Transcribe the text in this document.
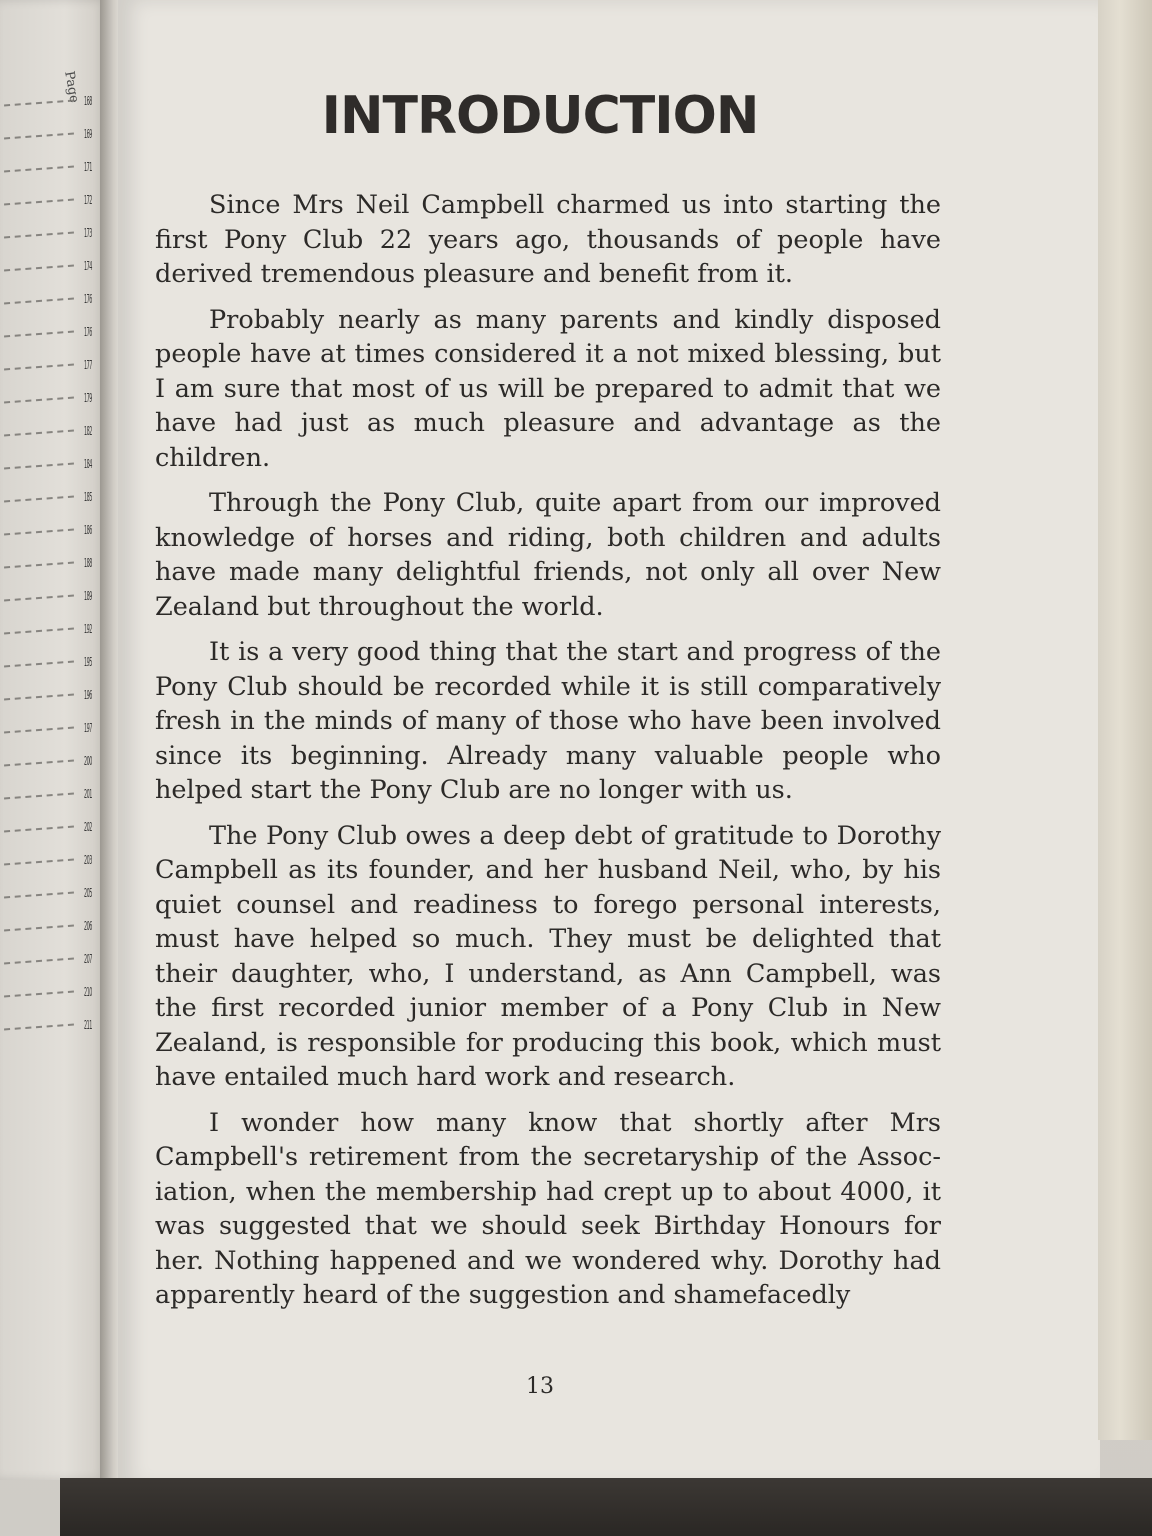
Page 168
169
171
172
173
174
176
176
177
179
182
184
185
186
188
189
192
195
196
197
200
201
202
203
205
206
207
210
211
INTRODUCTION

Since Mrs Neil Campbell charmed us into starting the first Pony Club 22 years ago, thousands of people have derived tremendous pleasure and benefit from it.

Probably nearly as many parents and kindly disposed people have at times considered it a not mixed blessing, but I am sure that most of us will be prepared to admit that we have had just as much pleasure and advantage as the children.

Through the Pony Club, quite apart from our improved knowledge of horses and riding, both children and adults have made many delightful friends, not only all over New Zealand but throughout the world.

It is a very good thing that the start and progress of the Pony Club should be recorded while it is still comparatively fresh in the minds of many of those who have been involved since its beginning. Already many valuable people who helped start the Pony Club are no longer with us.

The Pony Club owes a deep debt of gratitude to Dorothy Campbell as its founder, and her husband Neil, who, by his quiet counsel and readiness to forego personal interests, must have helped so much. They must be delighted that their daughter, who, I understand, as Ann Campbell, was the first recorded junior member of a Pony Club in New Zealand, is responsible for producing this book, which must have entailed much hard work and research.

I wonder how many know that shortly after Mrs Campbell's retirement from the secretaryship of the Association, when the membership had crept up to about 4000, it was suggested that we should seek Birthday Honours for her. Nothing happened and we wondered why. Dorothy had apparently heard of the suggestion and shamefacedly

13
